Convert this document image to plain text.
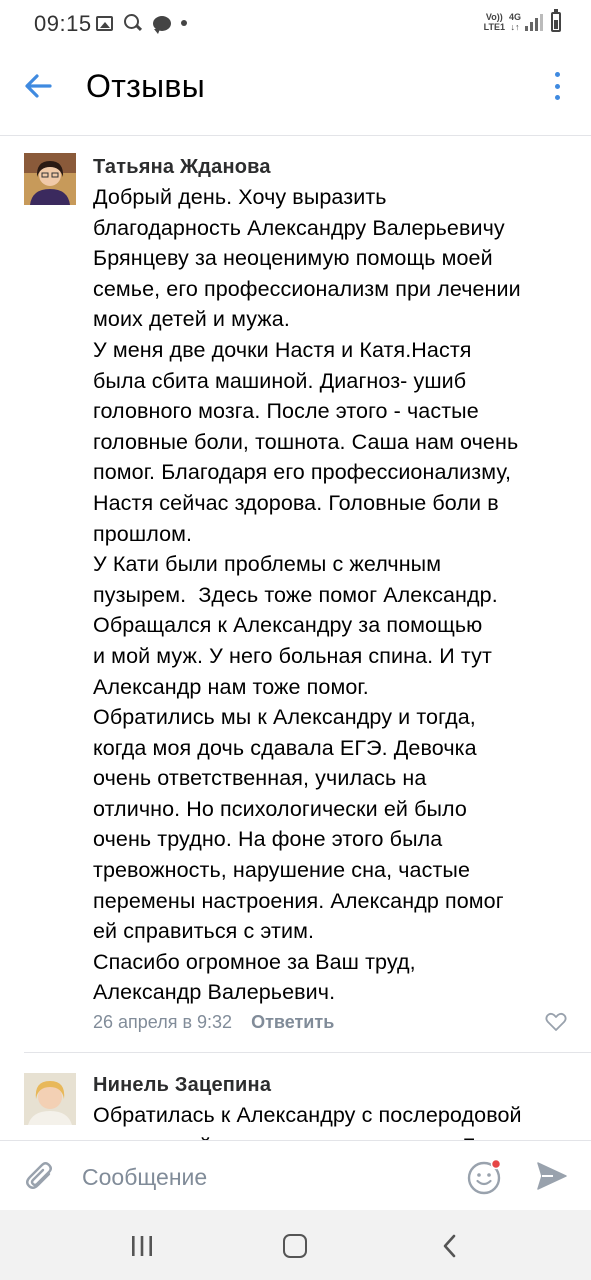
09:15	Vo))
LTE1
4G
↓↑
Отзывы
Татьяна Жданова

Добрый день. Хочу выразить

благодарность Александру Валерьевичу

Брянцеву за неоценимую помощь моей

семье, его профессионализм при лечении

моих детей и мужа.

У меня две дочки Настя и Катя.Настя

была сбита машиной. Диагноз- ушиб

головного мозга. После этого - частые

головные боли, тошнота. Саша нам очень

помог. Благодаря его профессионализму,

Настя сейчас здорова. Головные боли в

прошлом.

У Кати были проблемы с желчным

пузырем.  Здесь тоже помог Александр.

Обращался к Александру за помощью

и мой муж. У него больная спина. И тут

Александр нам тоже помог.

Обратились мы к Александру и тогда,

когда моя дочь сдавала ЕГЭ. Девочка

очень ответственная, училась на

отлично. Но психологически ей было

очень трудно. На фоне этого была

тревожность, нарушение сна, частые

перемены настроения. Александр помог

ей справиться с этим.

Спасибо огромное за Ваш труд,

Александр Валерьевич.

26 апреля в 9:32 Ответить
Нинель Зацепина

Обратилась к Александру с послеродовой

Сообщение
